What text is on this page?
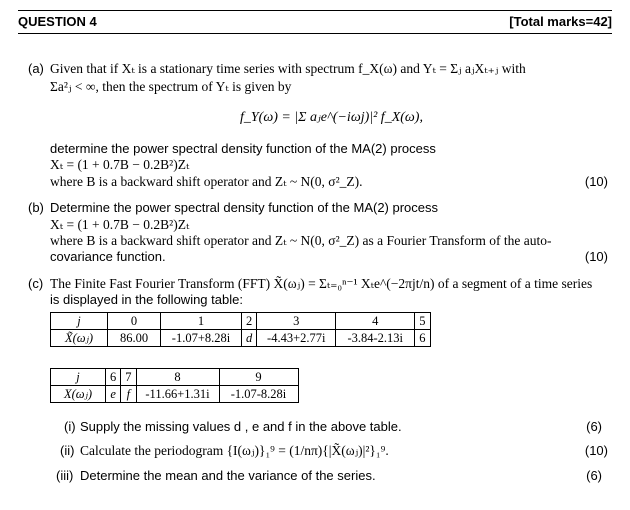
QUESTION 4	[Total marks=42]
(a) Given that if Xₜ is a stationary time series with spectrum f_X(ω) and Yₜ = Σⱼ aⱼXₜ₊ⱼ with
Σa²ⱼ < ∞, then the spectrum of Yₜ is given by
f_Y(ω) = |Σ aⱼe^(−iωj)|² f_X(ω),
determine the power spectral density function of the MA(2) process
Xₜ = (1 + 0.7B − 0.2B²)Zₜ
where B is a backward shift operator and Zₜ ~ N(0, σ²_Z).	(10)
(b) Determine the power spectral density function of the MA(2) process
Xₜ = (1 + 0.7B − 0.2B²)Zₜ
where B is a backward shift operator and Zₜ ~ N(0, σ²_Z) as a Fourier Transform of the auto-
covariance function.	(10)
(c) The Finite Fast Fourier Transform (FFT) X̃(ωⱼ) = Σₜ₌₀ⁿ⁻¹ Xₜe^(−2πjt/n) of a segment of a time series
is displayed in the following table:
j	0	1	2	3	4	5
X̃(ωⱼ)	86.00	-1.07+8.28i	d	-4.43+2.77i	-3.84-2.13i	6
j	6	7	8	9
X(ωⱼ)	e	f	-11.66+1.31i	-1.07-8.28i
(i) Supply the missing values d , e and f in the above table.	(6)
(ii) Calculate the periodogram {I(ωⱼ)}₁⁹ = (1/nπ){|X̃(ωⱼ)|²}₁⁹.	(10)
(iii) Determine the mean and the variance of the series.	(6)
